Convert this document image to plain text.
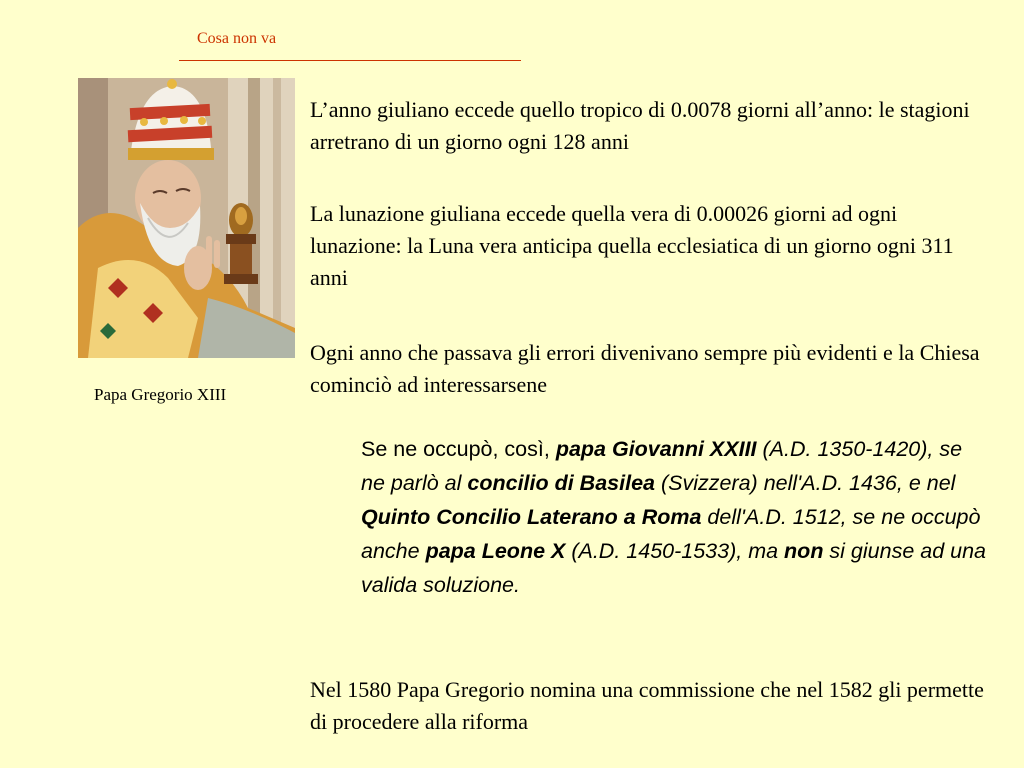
Cosa non va
Papa Gregorio XIII
L’anno giuliano eccede quello tropico di 0.0078 giorni all’anno: le stagioni arretrano di un giorno ogni 128 anni
La lunazione giuliana eccede quella vera di 0.00026 giorni ad ogni lunazione: la Luna vera anticipa quella ecclesiatica di un giorno ogni 311 anni
Ogni anno che passava gli errori divenivano sempre più evidenti e la Chiesa cominciò ad interessarsene
Se ne occupò, così, papa Giovanni XXIII (A.D. 1350-1420), se ne parlò al concilio di Basilea (Svizzera) nell'A.D. 1436, e nel Quinto Concilio Laterano a Roma dell'A.D. 1512, se ne occupò anche papa Leone X (A.D. 1450-1533), ma non si giunse ad una valida soluzione.
Nel 1580 Papa Gregorio nomina una commissione che nel 1582 gli permette di procedere alla riforma
